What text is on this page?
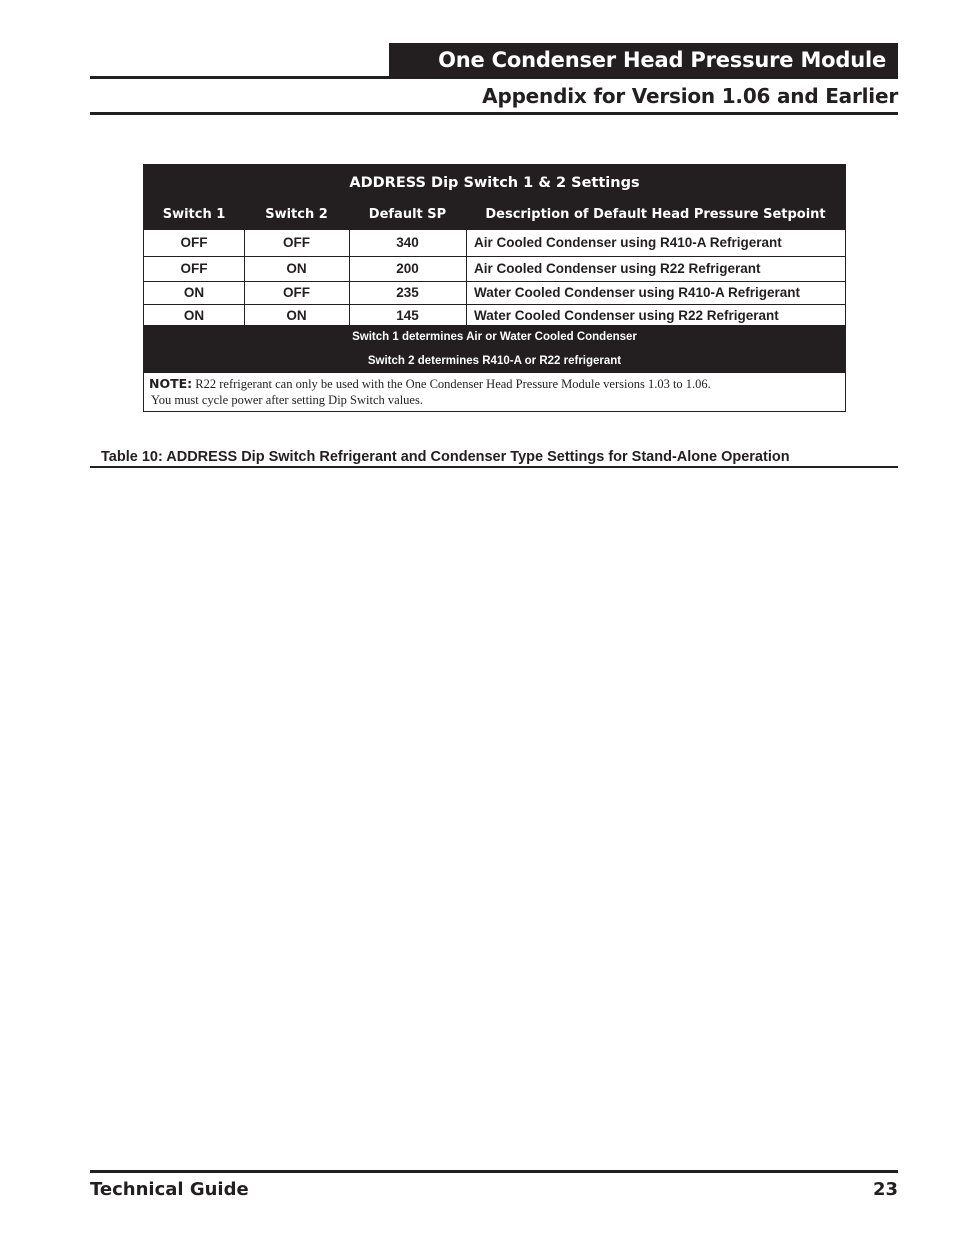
One Condenser Head Pressure Module
Appendix for Version 1.06 and Earlier
ADDRESS Dip Switch 1 & 2 Settings
Switch 1	Switch 2	Default SP	Description of Default Head Pressure Setpoint
OFF	OFF	340	Air Cooled Condenser using R410-A Refrigerant
OFF	ON	200	Air Cooled Condenser using R22 Refrigerant
ON	OFF	235	Water Cooled Condenser using R410-A Refrigerant
ON	ON	145	Water Cooled Condenser using R22 Refrigerant
Switch 1 determines Air or Water Cooled Condenser
Switch 2 determines R410-A or R22 refrigerant
NOTE: R22 refrigerant can only be used with the One Condenser Head Pressure Module versions 1.03 to 1.06.
You must cycle power after setting Dip Switch values.
Table 10: ADDRESS Dip Switch Refrigerant and Condenser Type Settings for Stand-Alone Operation
Technical Guide	23
